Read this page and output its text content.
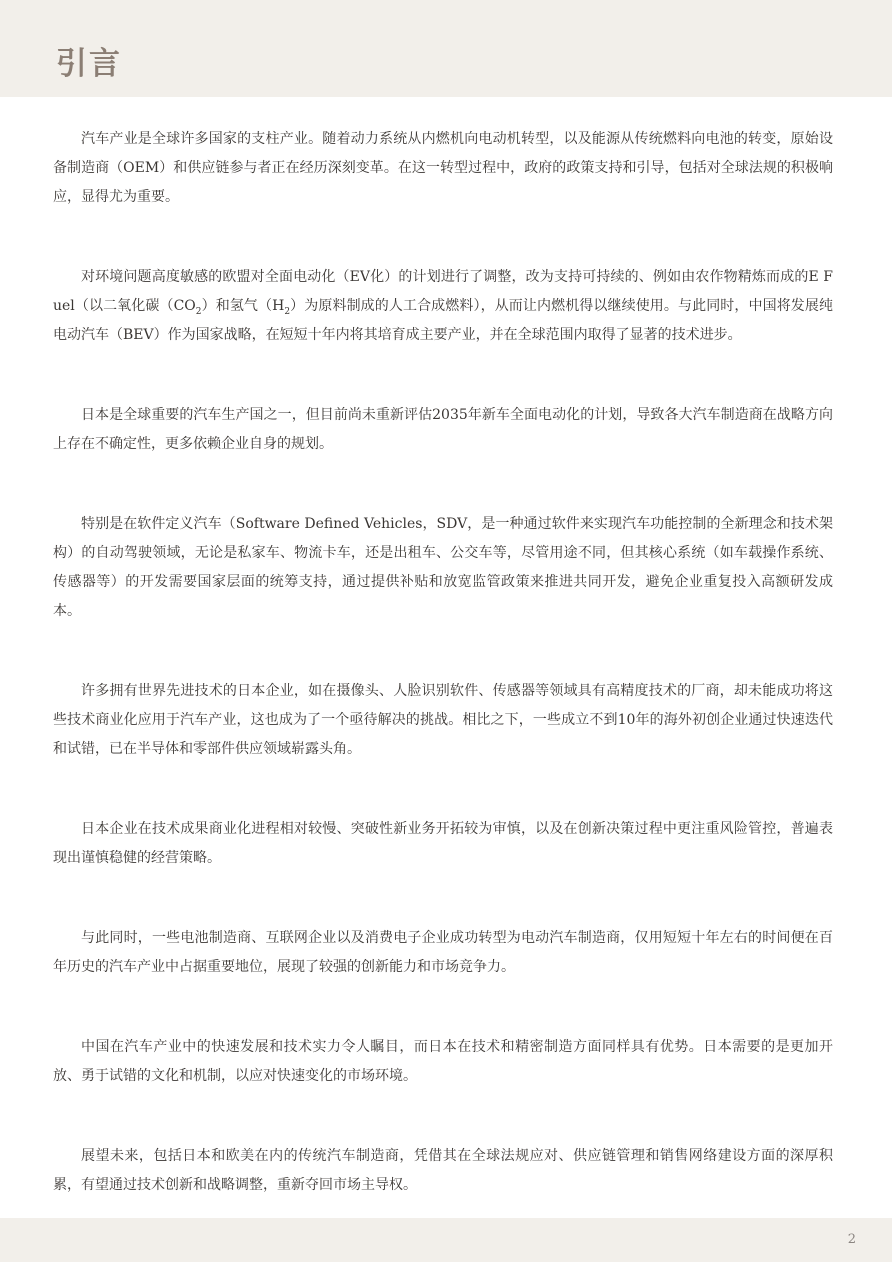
引言

汽车产业是全球许多国家的支柱产业。随着动力系统从内燃机向电动机转型，以及能源从传统燃料向电池的转变，原始设备制造商（OEM）和供应链参与者正在经历深刻变革。在这一转型过程中，政府的政策支持和引导，包括对全球法规的积极响应，显得尤为重要。

对环境问题高度敏感的欧盟对全面电动化（EV化）的计划进行了调整，改为支持可持续的、例如由农作物精炼而成的E Fuel（以二氧化碳$(CO_2)$和氢气$(H_2)$为原料制成的人工合成燃料），从而让内燃机得以继续使用。与此同时，中国将发展纯电动汽车（BEV）作为国家战略，在短短十年内将其培育成主要产业，并在全球范围内取得了显著的技术进步。

日本是全球重要的汽车生产国之一，但目前尚未重新评估2035年新车全面电动化的计划，导致各大汽车制造商在战略方向上存在不确定性，更多依赖企业自身的规划。

特别是在软件定义汽车（Software Defined Vehicles，SDV，是一种通过软件来实现汽车功能控制的全新理念和技术架构）的自动驾驶领域，无论是私家车、物流卡车，还是出租车、公交车等，尽管用途不同，但其核心系统（如车载操作系统、传感器等）的开发需要国家层面的统筹支持，通过提供补贴和放宽监管政策来推进共同开发，避免企业重复投入高额研发成本。

许多拥有世界先进技术的日本企业，如在摄像头、人脸识别软件、传感器等领域具有高精度技术的厂商，却未能成功将这些技术商业化应用于汽车产业，这也成为了一个亟待解决的挑战。相比之下，一些成立不到10年的海外初创企业通过快速迭代和试错，已在半导体和零部件供应领域崭露头角。

日本企业在技术成果商业化进程相对较慢、突破性新业务开拓较为审慎，以及在创新决策过程中更注重风险管控，普遍表现出谨慎稳健的经营策略。

与此同时，一些电池制造商、互联网企业以及消费电子企业成功转型为电动汽车制造商，仅用短短十年左右的时间便在百年历史的汽车产业中占据重要地位，展现了较强的创新能力和市场竞争力。

中国在汽车产业中的快速发展和技术实力令人瞩目，而日本在技术和精密制造方面同样具有优势。日本需要的是更加开放、勇于试错的文化和机制，以应对快速变化的市场环境。

展望未来，包括日本和欧美在内的传统汽车制造商，凭借其在全球法规应对、供应链管理和销售网络建设方面的深厚积累，有望通过技术创新和战略调整，重新夺回市场主导权。

2
